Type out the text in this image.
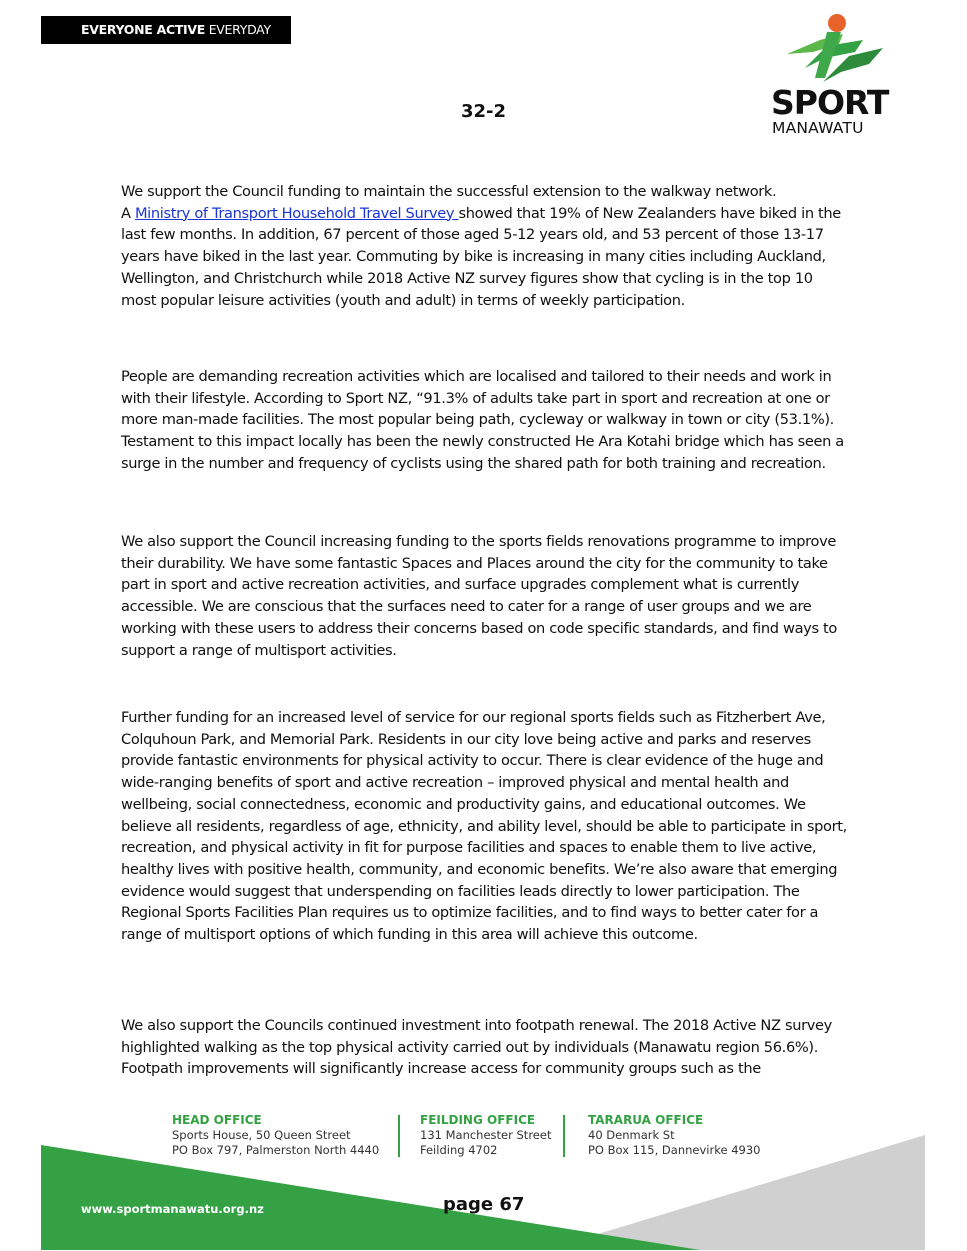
EVERYONE ACTIVE EVERYDAY
32-2	SPORT
MANAWATU

We support the Council funding to maintain the successful extension to the walkway network.

A Ministry of Transport Household Travel Survey showed that 19% of New Zealanders have biked in the last few months. In addition, 67 percent of those aged 5-12 years old, and 53 percent of those 13-17 years have biked in the last year. Commuting by bike is increasing in many cities including Auckland, Wellington, and Christchurch while 2018 Active NZ survey figures show that cycling is in the top 10 most popular leisure activities (youth and adult) in terms of weekly participation.

People are demanding recreation activities which are localised and tailored to their needs and work in with their lifestyle. According to Sport NZ, “91.3% of adults take part in sport and recreation at one or more man-made facilities. The most popular being path, cycleway or walkway in town or city (53.1%). Testament to this impact locally has been the newly constructed He Ara Kotahi bridge which has seen a surge in the number and frequency of cyclists using the shared path for both training and recreation.
We also support the Council increasing funding to the sports fields renovations programme to improve their durability. We have some fantastic Spaces and Places around the city for the community to take part in sport and active recreation activities, and surface upgrades complement what is currently accessible. We are conscious that the surfaces need to cater for a range of user groups and we are working with these users to address their concerns based on code specific standards, and find ways to support a range of multisport activities.
Further funding for an increased level of service for our regional sports fields such as Fitzherbert Ave, Colquhoun Park, and Memorial Park. Residents in our city love being active and parks and reserves provide fantastic environments for physical activity to occur. There is clear evidence of the huge and wide-ranging benefits of sport and active recreation – improved physical and mental health and wellbeing, social connectedness, economic and productivity gains, and educational outcomes. We believe all residents, regardless of age, ethnicity, and ability level, should be able to participate in sport, recreation, and physical activity in fit for purpose facilities and spaces to enable them to live active, healthy lives with positive health, community, and economic benefits. We’re also aware that emerging evidence would suggest that underspending on facilities leads directly to lower participation. The Regional Sports Facilities Plan requires us to optimize facilities, and to find ways to better cater for a range of multisport options of which funding in this area will achieve this outcome.
We also support the Councils continued investment into footpath renewal. The 2018 Active NZ survey highlighted walking as the top physical activity carried out by individuals (Manawatu region 56.6%). Footpath improvements will significantly increase access for community groups such as the
HEAD OFFICE
Sports House, 50 Queen Street
PO Box 797, Palmerston North 4440
FEILDING OFFICE
131 Manchester Street
Feilding 4702
TARARUA OFFICE
40 Denmark St
PO Box 115, Dannevirke 4930
www.sportmanawatu.org.nz	page 67
